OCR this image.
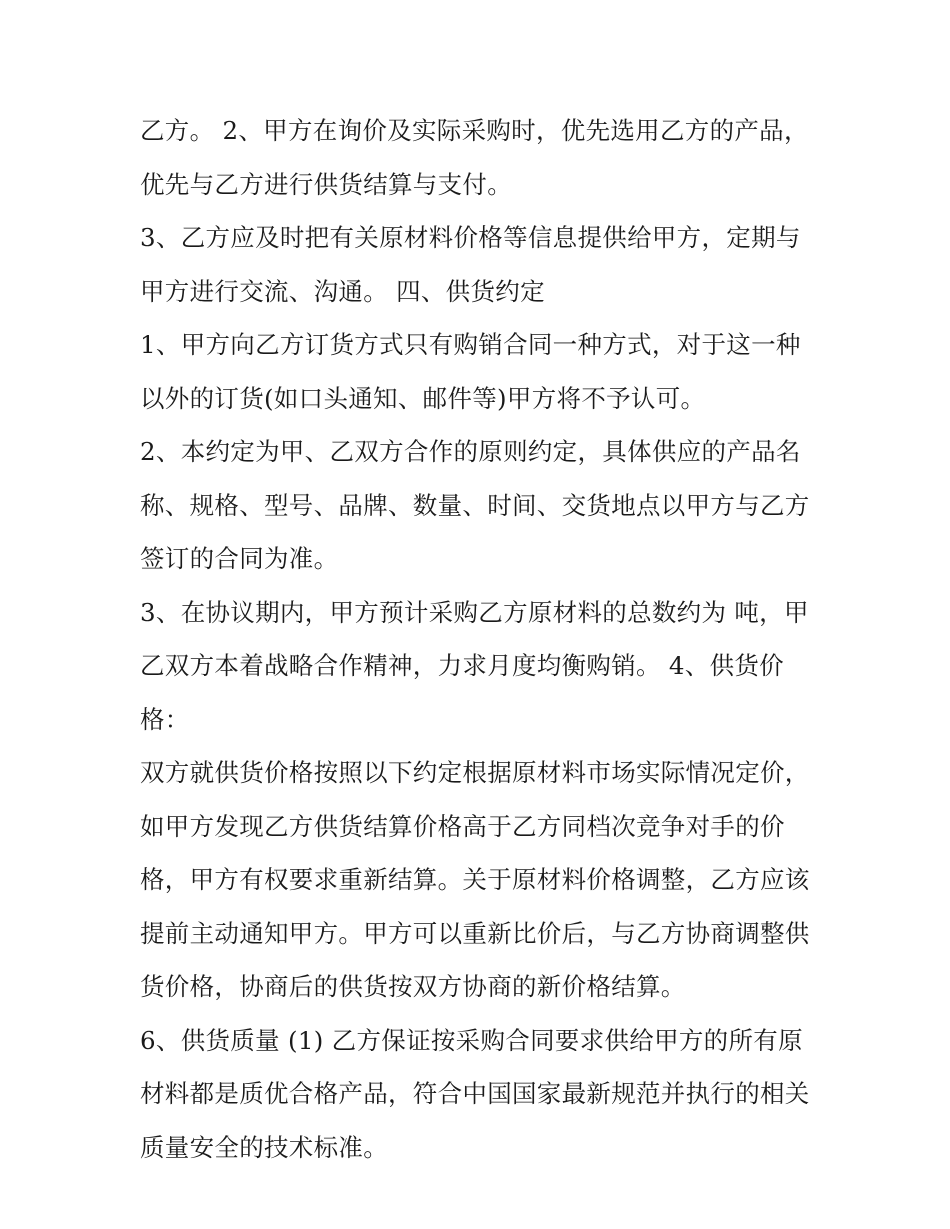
乙方。 2、甲方在询价及实际采购时，优先选用乙方的产品，
优先与乙方进行供货结算与支付。
3、乙方应及时把有关原材料价格等信息提供给甲方，定期与
甲方进行交流、沟通。 四、供货约定
1、甲方向乙方订货方式只有购销合同一种方式，对于这一种
以外的订货(如口头通知、邮件等)甲方将不予认可。
2、本约定为甲、乙双方合作的原则约定，具体供应的产品名
称、规格、型号、品牌、数量、时间、交货地点以甲方与乙方
签订的合同为准。
3、在协议期内，甲方预计采购乙方原材料的总数约为 吨，甲
乙双方本着战略合作精神，力求月度均衡购销。 4、供货价
格：
双方就供货价格按照以下约定根据原材料市场实际情况定价，
如甲方发现乙方供货结算价格高于乙方同档次竞争对手的价
格，甲方有权要求重新结算。关于原材料价格调整，乙方应该
提前主动通知甲方。甲方可以重新比价后，与乙方协商调整供
货价格，协商后的供货按双方协商的新价格结算。
6、供货质量 (1) 乙方保证按采购合同要求供给甲方的所有原
材料都是质优合格产品，符合中国国家最新规范并执行的相关
质量安全的技术标准。
